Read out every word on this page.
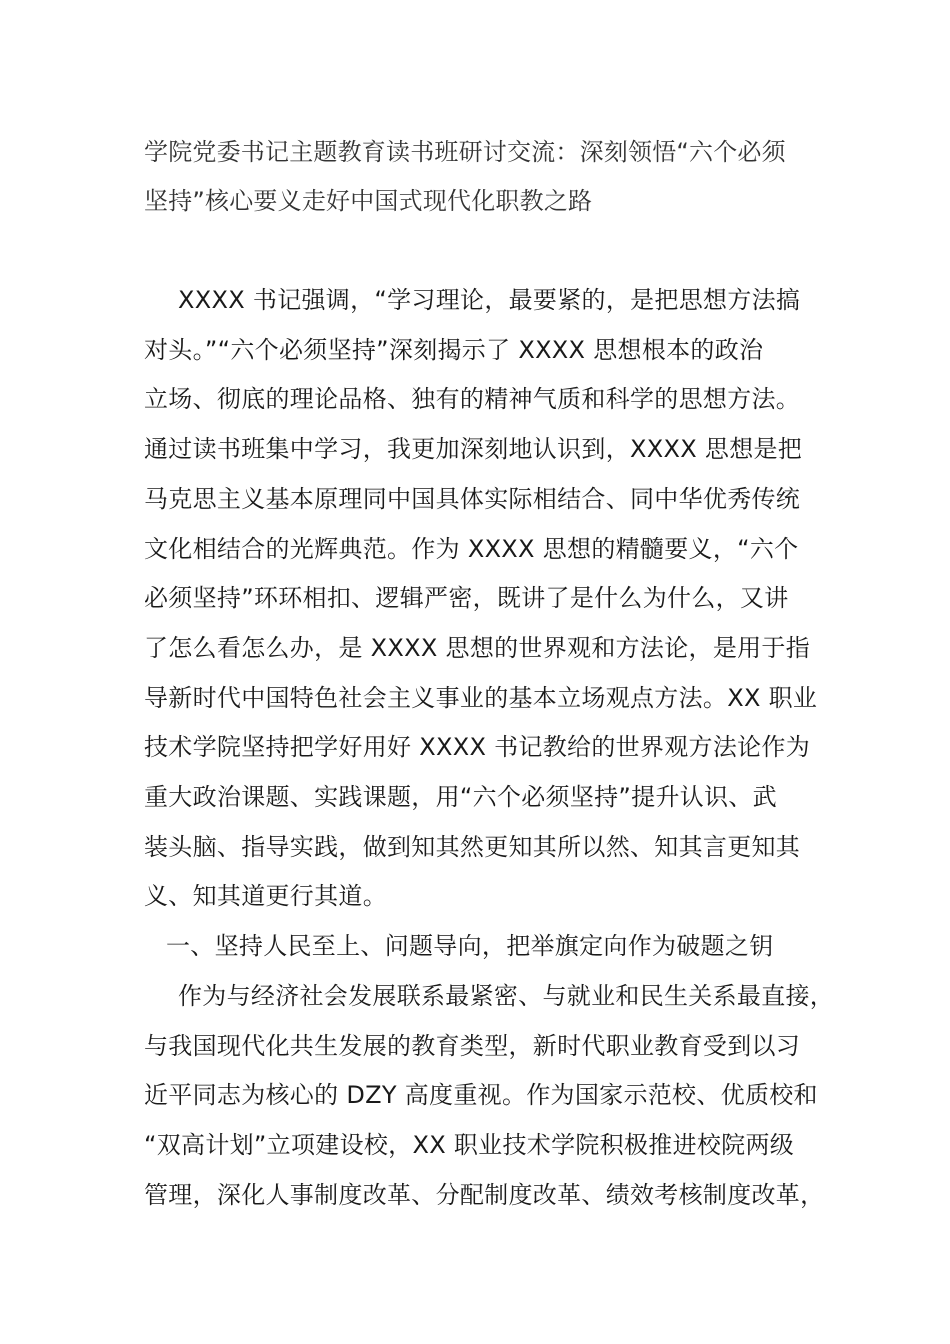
学院党委书记主题教育读书班研讨交流：深刻领悟“六个必须
坚持”核心要义走好中国式现代化职教之路

XXXX 书记强调，“学习理论，最要紧的，是把思想方法搞
对头。”“六个必须坚持”深刻揭示了 XXXX 思想根本的政治
立场、彻底的理论品格、独有的精神气质和科学的思想方法。
通过读书班集中学习，我更加深刻地认识到，XXXX 思想是把
马克思主义基本原理同中国具体实际相结合、同中华优秀传统
文化相结合的光辉典范。作为 XXXX 思想的精髓要义，“六个
必须坚持”环环相扣、逻辑严密，既讲了是什么为什么，又讲
了怎么看怎么办，是 XXXX 思想的世界观和方法论，是用于指
导新时代中国特色社会主义事业的基本立场观点方法。XX 职业
技术学院坚持把学好用好 XXXX 书记教给的世界观方法论作为
重大政治课题、实践课题，用“六个必须坚持”提升认识、武
装头脑、指导实践，做到知其然更知其所以然、知其言更知其
义、知其道更行其道。

一、坚持人民至上、问题导向，把举旗定向作为破题之钥

作为与经济社会发展联系最紧密、与就业和民生关系最直接，
与我国现代化共生发展的教育类型，新时代职业教育受到以习
近平同志为核心的 DZY 高度重视。作为国家示范校、优质校和
“双高计划”立项建设校，XX 职业技术学院积极推进校院两级
管理，深化人事制度改革、分配制度改革、绩效考核制度改革，
